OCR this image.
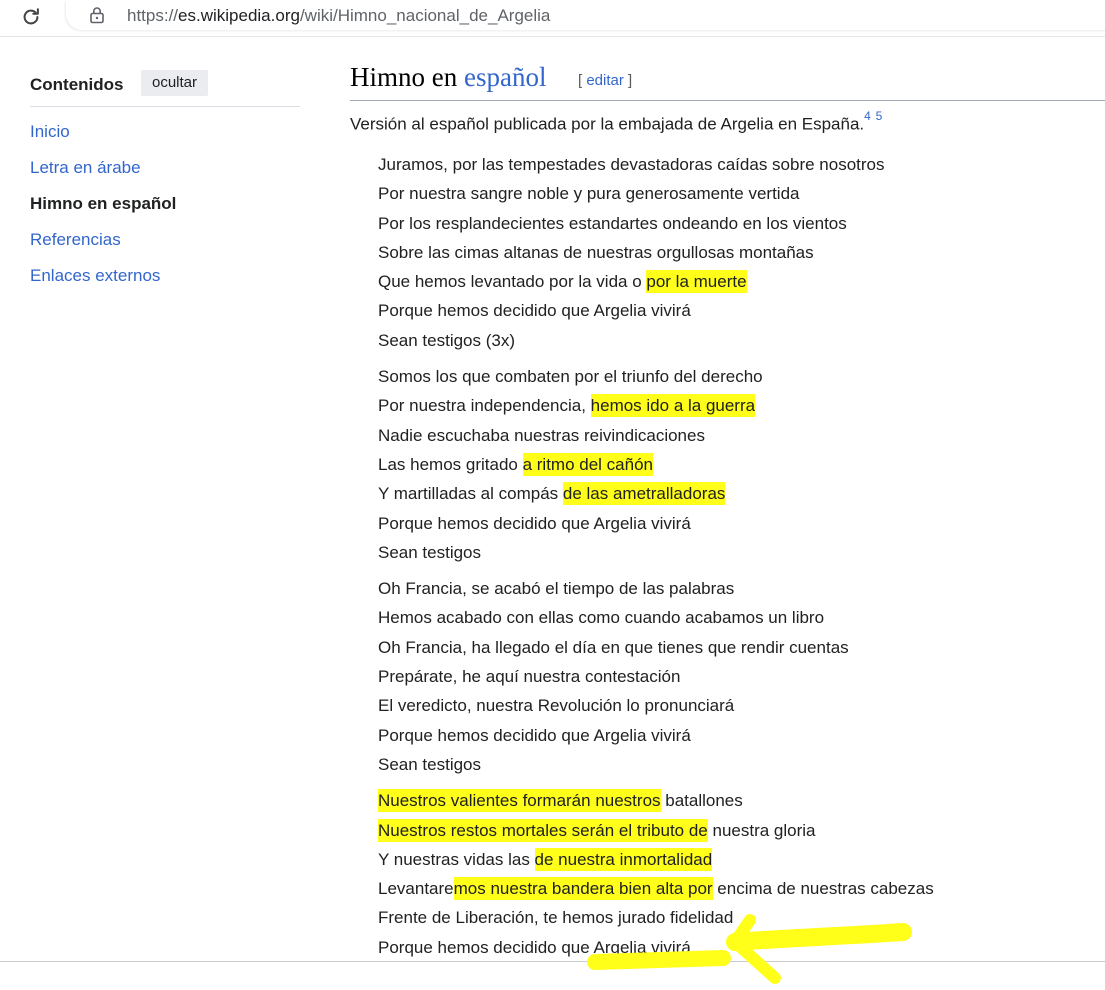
https://es.wikipedia.org/wiki/Himno_nacional_de_Argelia
Contenidos	ocultar
Inicio
Letra en árabe
Himno en español
Referencias
Enlaces externos
Himno en español [ editar ]
Versión al español publicada por la embajada de Argelia en España.$^4$ $^5$
Juramos, por las tempestades devastadoras caídas sobre nosotros
Por nuestra sangre noble y pura generosamente vertida
Por los resplandecientes estandartes ondeando en los vientos
Sobre las cimas altanas de nuestras orgullosas montañas
Que hemos levantado por la vida o por la muerte
Porque hemos decidido que Argelia vivirá
Sean testigos (3x)
Somos los que combaten por el triunfo del derecho
Por nuestra independencia, hemos ido a la guerra
Nadie escuchaba nuestras reivindicaciones
Las hemos gritado a ritmo del cañón
Y martilladas al compás de las ametralladoras
Porque hemos decidido que Argelia vivirá
Sean testigos
Oh Francia, se acabó el tiempo de las palabras
Hemos acabado con ellas como cuando acabamos un libro
Oh Francia, ha llegado el día en que tienes que rendir cuentas
Prepárate, he aquí nuestra contestación
El veredicto, nuestra Revolución lo pronunciará
Porque hemos decidido que Argelia vivirá
Sean testigos
Nuestros valientes formarán nuestros batallones
Nuestros restos mortales serán el tributo de nuestra gloria
Y nuestras vidas las de nuestra inmortalidad
Levantaremos nuestra bandera bien alta por encima de nuestras cabezas
Frente de Liberación, te hemos jurado fidelidad
Porque hemos decidido que Argelia vivirá
